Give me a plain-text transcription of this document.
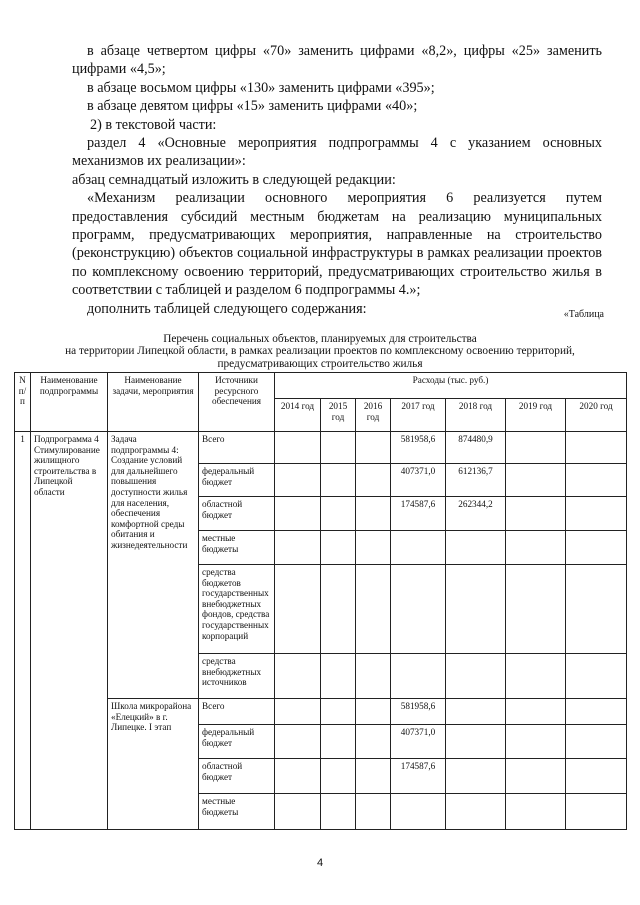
в абзаце четвертом цифры «70» заменить цифрами «8,2», цифры «25» заменить цифрами «4,5»;

в абзаце восьмом цифры «130» заменить цифрами «395»;

в абзаце девятом цифры «15» заменить цифрами «40»;

2) в текстовой части:

раздел 4 «Основные мероприятия подпрограммы 4 с указанием основных механизмов их реализации»:

абзац семнадцатый изложить в следующей редакции:

«Механизм реализации основного мероприятия 6 реализуется путем предоставления субсидий местным бюджетам на реализацию муниципальных программ, предусматривающих мероприятия, направленные на строительство (реконструкцию) объектов социальной инфраструктуры в рамках реализации проектов по комплексному освоению территорий, предусматривающих строительство жилья в соответствии с таблицей и разделом 6 подпрограммы 4.»;

дополнить таблицей следующего содержания:	«Таблица
Перечень социальных объектов, планируемых для строительства
на территории Липецкой области, в рамках реализации проектов по комплексному освоению территорий,
предусматривающих строительство жилья
N п/п	Наименование подпрограммы	Наименование задачи, мероприятия	Источники ресурсного обеспечения	Расходы (тыс. руб.)						
				2014 год	2015 год	2016 год	2017 год	2018 год	2019 год	2020 год
1	Подпрограмма 4 Стимулирование жилищного строительства в Липецкой области	Задача подпрограммы 4: Создание условий для дальнейшего повышения доступности жилья для населения, обеспечения комфортной среды обитания и жизнедеятельности	Всего				581958,6	874480,9		
			федеральный бюджет				407371,0	612136,7		
			областной бюджет				174587,6	262344,2		
			местные бюджеты							
			средства бюджетов государственных внебюджетных фондов, средства государственных корпораций							
			средства внебюджетных источников							
		Школа микрорайона «Елецкий» в г. Липецке. I этап	Всего				581958,6			
			федеральный бюджет				407371,0			
			областной бюджет				174587,6			
			местные бюджеты							
4
